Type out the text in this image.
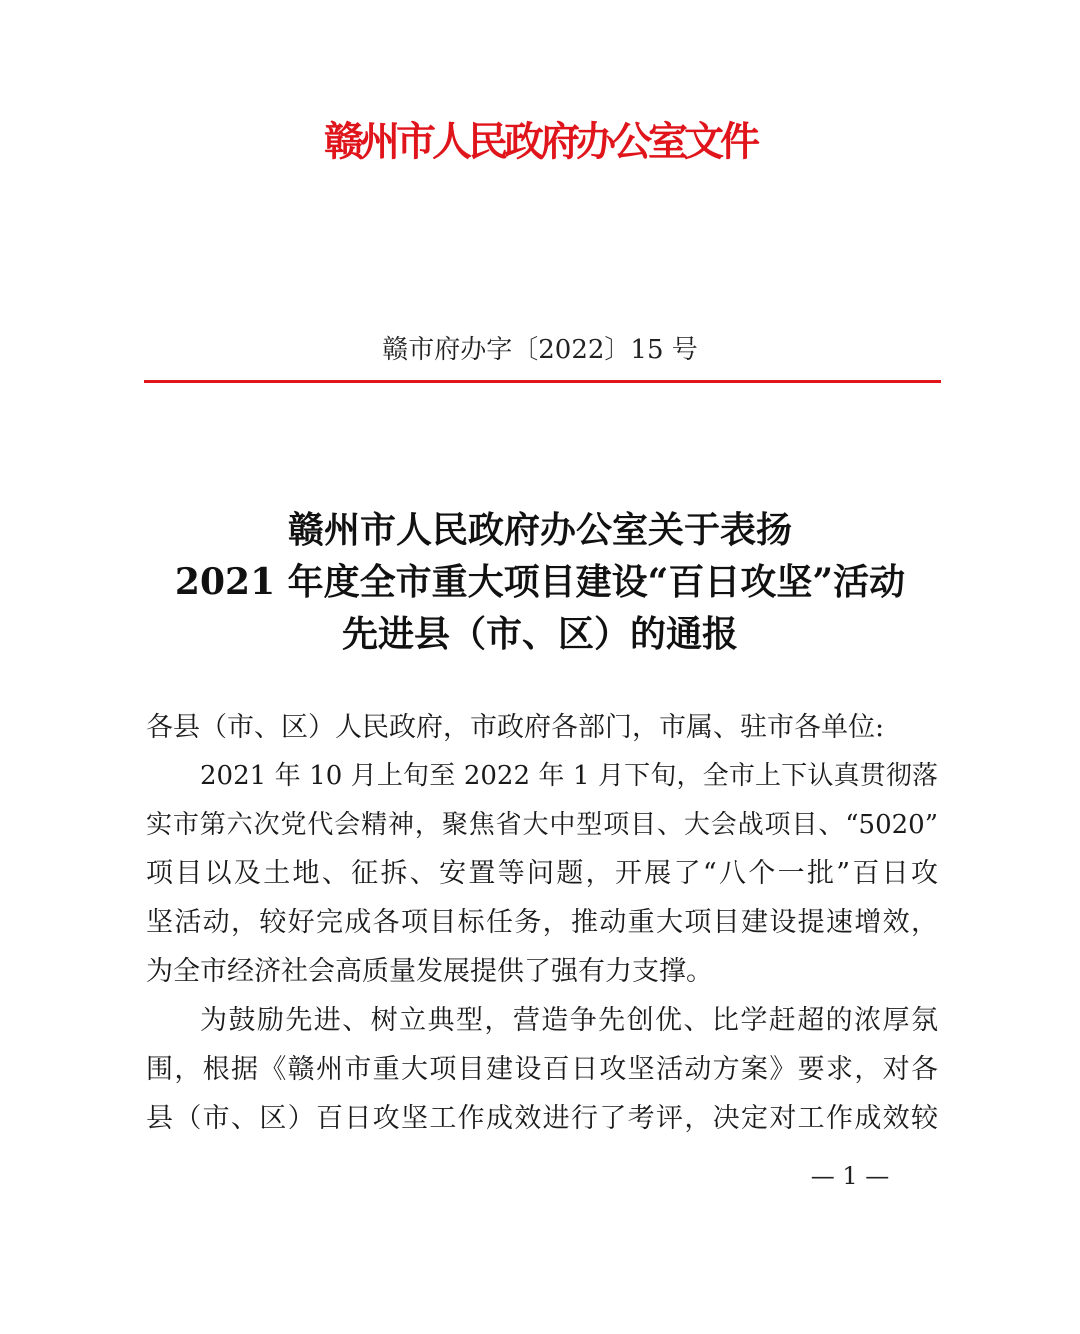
赣州市人民政府办公室文件
赣市府办字〔2022〕15 号
赣州市人民政府办公室关于表扬
2021 年度全市重大项目建设“百日攻坚”活动
先进县（市、区）的通报
各县（市、区）人民政府，市政府各部门，市属、驻市各单位:
2021 年 10 月上旬至 2022 年 1 月下旬，全市上下认真贯彻落
实市第六次党代会精神，聚焦省大中型项目、大会战项目、“5020”
项目以及土地、征拆、安置等问题，开展了“八个一批”百日攻
坚活动，较好完成各项目标任务，推动重大项目建设提速增效，
为全市经济社会高质量发展提供了强有力支撑。
为鼓励先进、树立典型，营造争先创优、比学赶超的浓厚氛
围，根据《赣州市重大项目建设百日攻坚活动方案》要求，对各
县（市、区）百日攻坚工作成效进行了考评，决定对工作成效较
— 1 —
